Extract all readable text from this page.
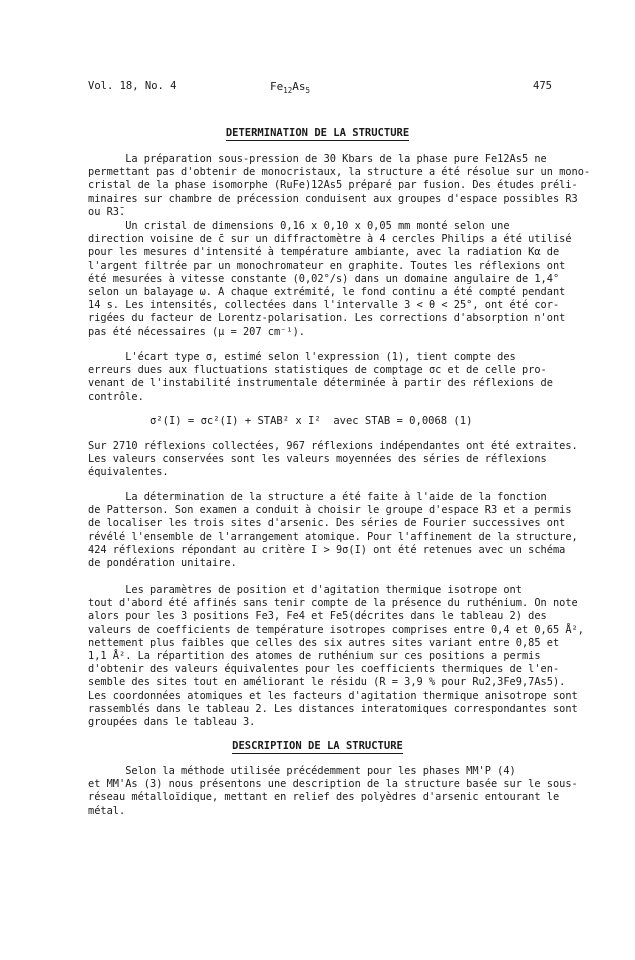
Vol. 18, No. 4	$Fe_{12}As_5$	475
DETERMINATION DE LA STRUCTURE
La préparation sous-pression de 30 Kbars de la phase pure Fe12As5 ne
permettant pas d'obtenir de monocristaux, la structure a été résolue sur un mono-
cristal de la phase isomorphe (RuFe)12As5 préparé par fusion. Des études préli-
minaires sur chambre de précession conduisent aux groupes d'espace possibles R3
ou R3̄.
Un cristal de dimensions 0,16 x 0,10 x 0,05 mm monté selon une
direction voisine de c̄ sur un diffractomètre à 4 cercles Philips a été utilisé
pour les mesures d'intensité à température ambiante, avec la radiation Kα de
l'argent filtrée par un monochromateur en graphite. Toutes les réflexions ont
été mesurées à vitesse constante (0,02°/s) dans un domaine angulaire de 1,4°
selon un balayage ω. A chaque extrémité, le fond continu a été compté pendant
14 s. Les intensités, collectées dans l'intervalle 3 < θ < 25°, ont été cor-
rigées du facteur de Lorentz-polarisation. Les corrections d'absorption n'ont
pas été nécessaires (μ = 207 cm⁻¹).
L'écart type σ, estimé selon l'expression (1), tient compte des
erreurs dues aux fluctuations statistiques de comptage σc et de celle pro-
venant de l'instabilité instrumentale déterminée à partir des réflexions de
contrôle.
σ²(I) = σc²(I) + STAB² x I²  avec STAB = 0,0068 (1)
Sur 2710 réflexions collectées, 967 réflexions indépendantes ont été extraites.
Les valeurs conservées sont les valeurs moyennées des séries de réflexions
équivalentes.
La détermination de la structure a été faite à l'aide de la fonction
de Patterson. Son examen a conduit à choisir le groupe d'espace R3 et a permis
de localiser les trois sites d'arsenic. Des séries de Fourier successives ont
révélé l'ensemble de l'arrangement atomique. Pour l'affinement de la structure,
424 réflexions répondant au critère I > 9σ(I) ont été retenues avec un schéma
de pondération unitaire.
Les paramètres de position et d'agitation thermique isotrope ont
tout d'abord été affinés sans tenir compte de la présence du ruthénium. On note
alors pour les 3 positions Fe3, Fe4 et Fe5(décrites dans le tableau 2) des
valeurs de coefficients de température isotropes comprises entre 0,4 et 0,65 Å²,
nettement plus faibles que celles des six autres sites variant entre 0,85 et
1,1 Å². La répartition des atomes de ruthénium sur ces positions a permis
d'obtenir des valeurs équivalentes pour les coefficients thermiques de l'en-
semble des sites tout en améliorant le résidu (R = 3,9 % pour Ru2,3Fe9,7As5).
Les coordonnées atomiques et les facteurs d'agitation thermique anisotrope sont
rassemblés dans le tableau 2. Les distances interatomiques correspondantes sont
groupées dans le tableau 3.
DESCRIPTION DE LA STRUCTURE
Selon la méthode utilisée précédemment pour les phases MM'P (4)
et MM'As (3) nous présentons une description de la structure basée sur le sous-
réseau métalloïdique, mettant en relief des polyèdres d'arsenic entourant le
métal.
